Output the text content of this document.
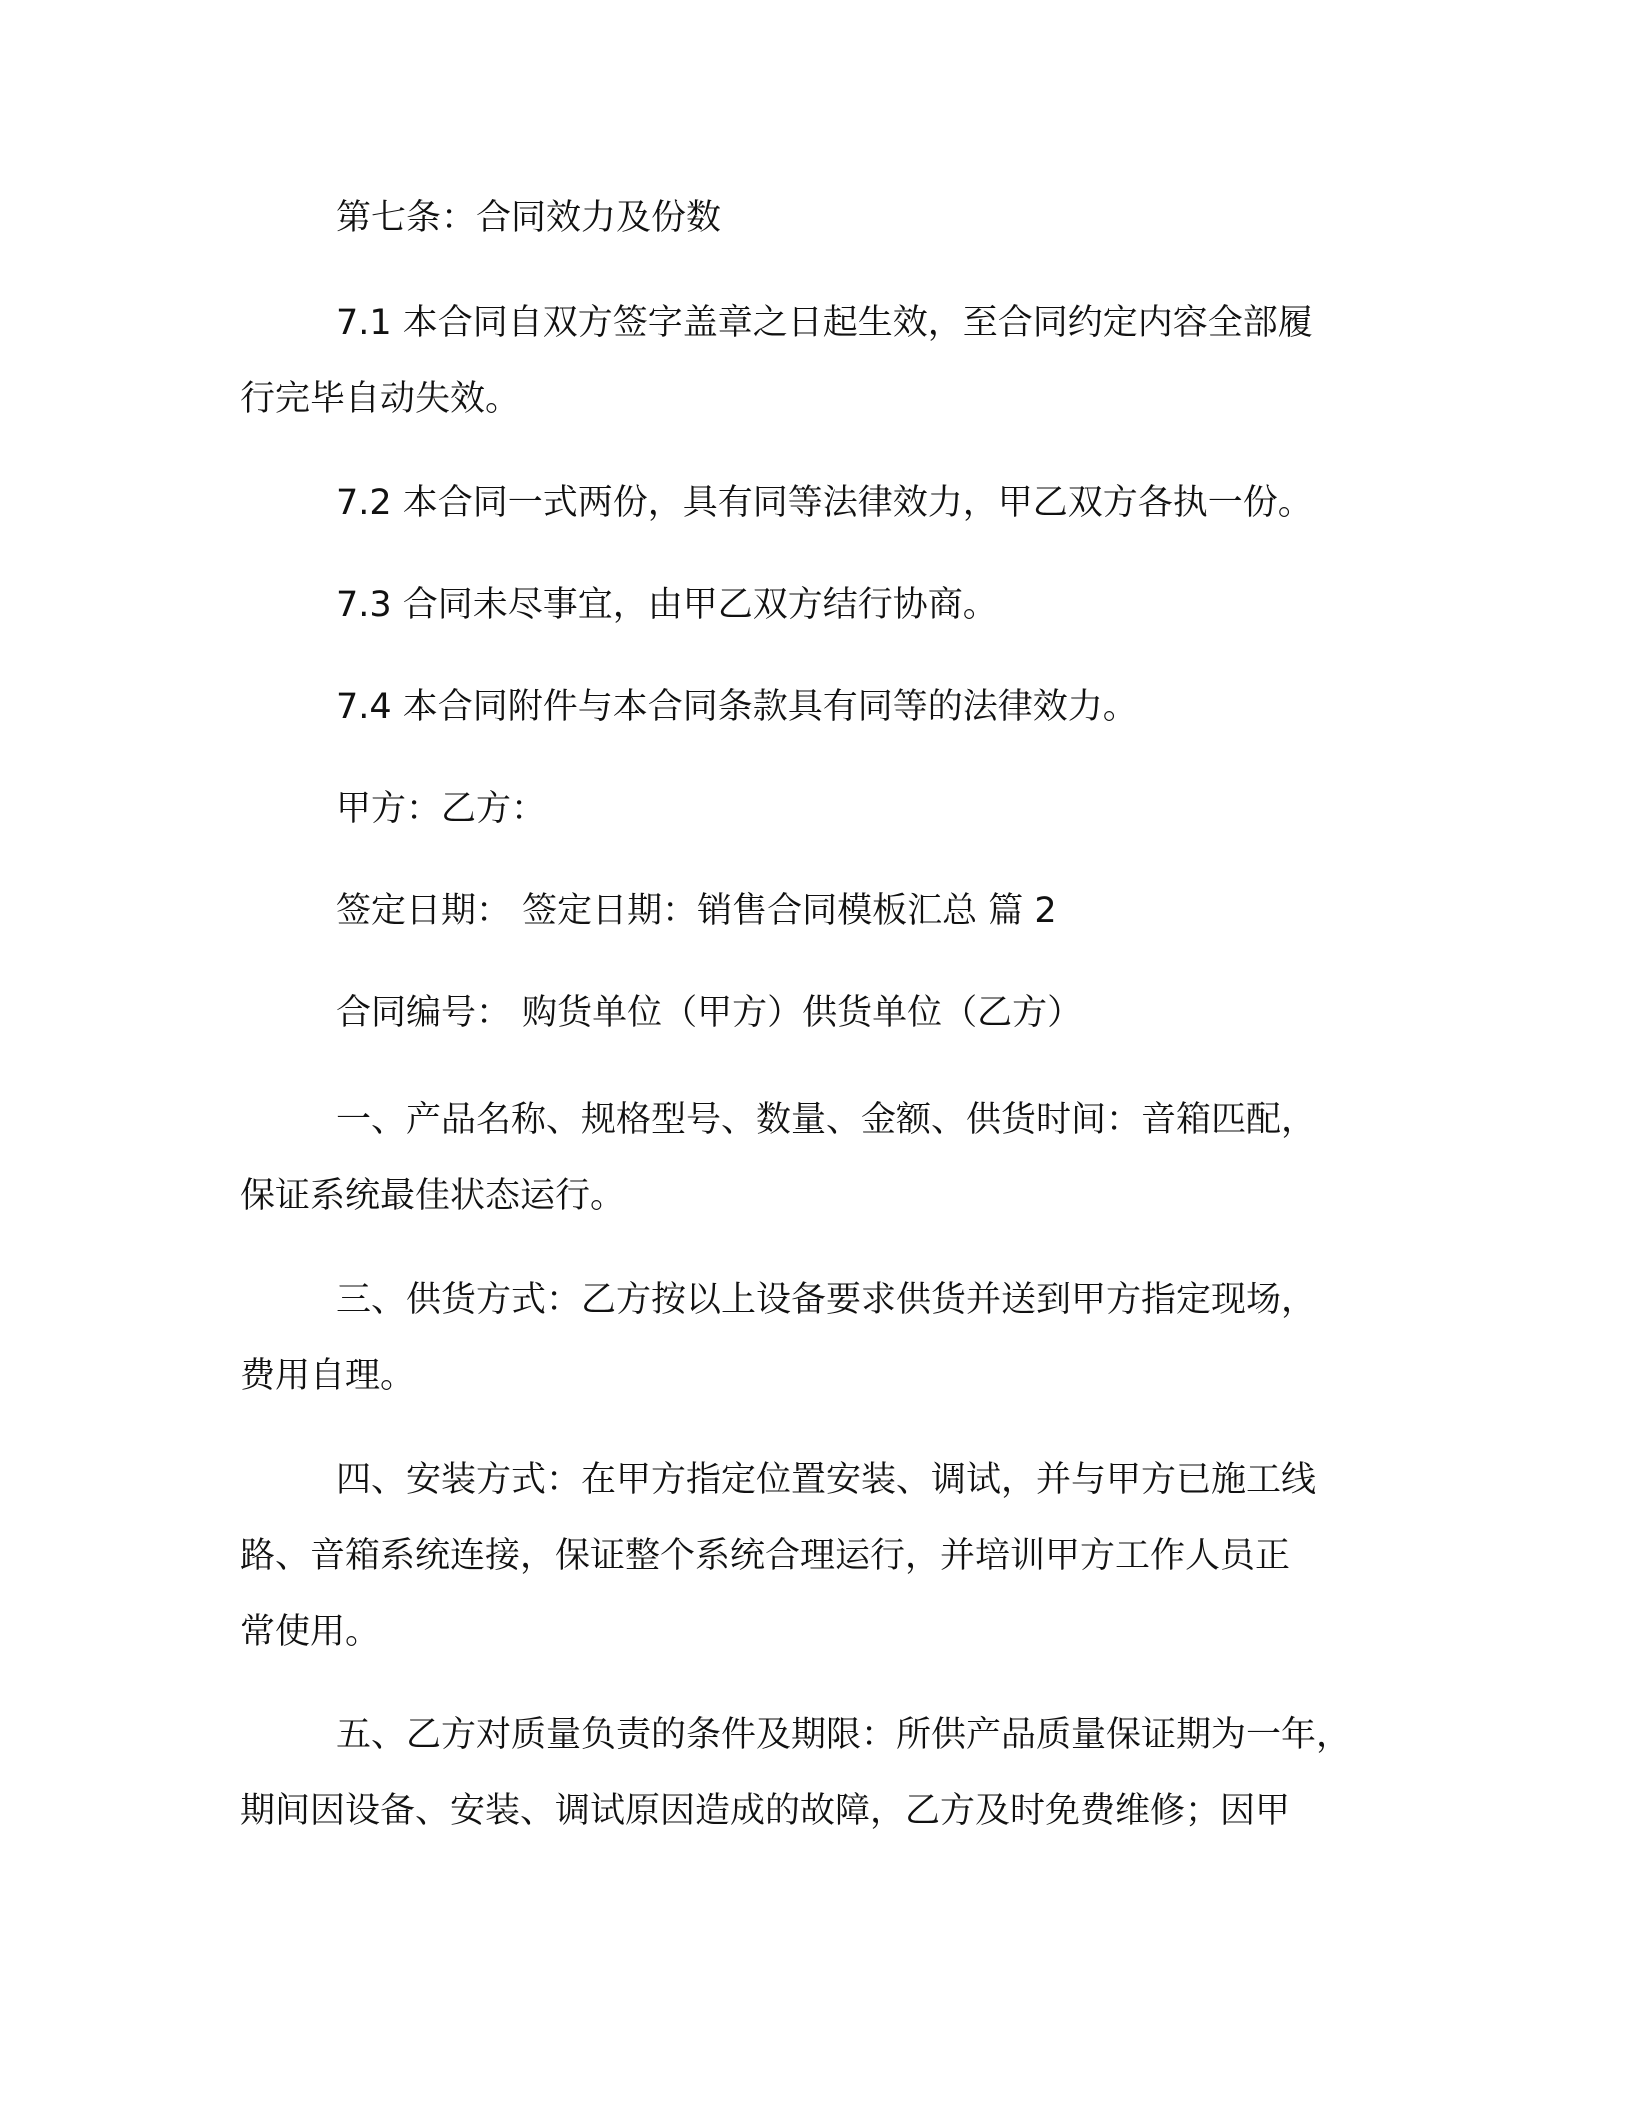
第七条：合同效力及份数
7.1 本合同自双方签字盖章之日起生效，至合同约定内容全部履
行完毕自动失效。
7.2 本合同一式两份，具有同等法律效力，甲乙双方各执一份。
7.3 合同未尽事宜，由甲乙双方结行协商。
7.4 本合同附件与本合同条款具有同等的法律效力。
甲方：乙方：
签定日期： 签定日期：销售合同模板汇总 篇 2
合同编号： 购货单位（甲方）供货单位（乙方）
一、产品名称、规格型号、数量、金额、供货时间：音箱匹配，
保证系统最佳状态运行。
三、供货方式：乙方按以上设备要求供货并送到甲方指定现场，
费用自理。
四、安装方式：在甲方指定位置安装、调试，并与甲方已施工线
路、音箱系统连接，保证整个系统合理运行，并培训甲方工作人员正
常使用。
五、乙方对质量负责的条件及期限：所供产品质量保证期为一年，
期间因设备、安装、调试原因造成的故障，乙方及时免费维修；因甲
